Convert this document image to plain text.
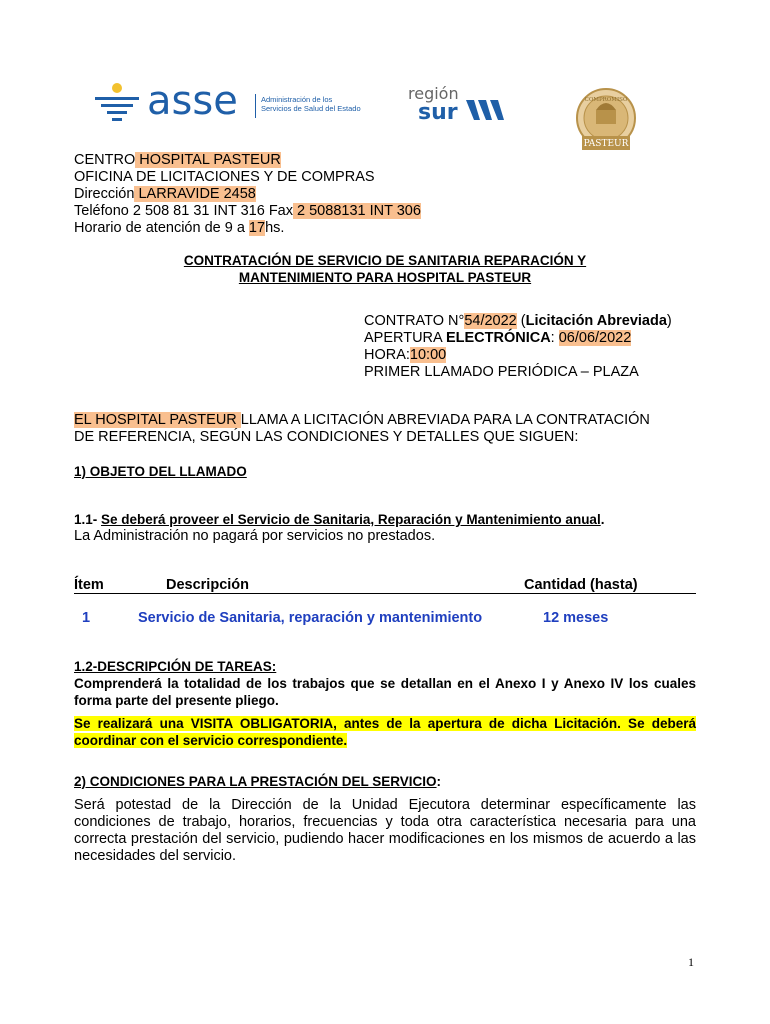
asse	Administración de los
Servicios de Salud del Estado
región
sur
PASTEUR
COMPROMISO
CENTRO HOSPITAL PASTEUR
OFICINA DE LICITACIONES Y DE COMPRAS
Dirección LARRAVIDE 2458
Teléfono 2 508 81 31 INT 316 Fax 2 5088131 INT 306
Horario de atención de 9 a 17hs.
CONTRATACIÓN DE SERVICIO DE SANITARIA REPARACIÓN Y
MANTENIMIENTO PARA HOSPITAL PASTEUR
CONTRATO N°54/2022 (Licitación Abreviada)
APERTURA ELECTRÓNICA: 06/06/2022
HORA:10:00
PRIMER LLAMADO PERIÓDICA – PLAZA
EL HOSPITAL PASTEUR LLAMA A LICITACIÓN ABREVIADA PARA LA CONTRATACIÓN
DE REFERENCIA, SEGÚN LAS CONDICIONES Y DETALLES QUE SIGUEN:
1) OBJETO DEL LLAMADO
1.1- Se deberá proveer el Servicio de Sanitaria, Reparación y Mantenimiento anual.
La Administración no pagará por servicios no prestados.
Ítem	Descripción	Cantidad (hasta)
1	Servicio de Sanitaria, reparación y mantenimiento	12 meses
1.2-DESCRIPCIÓN DE TAREAS:
Comprenderá la totalidad de los trabajos que se detallan en el Anexo I y Anexo IV los cuales forma parte del presente pliego.
Se realizará una VISITA OBLIGATORIA, antes de la apertura de dicha Licitación. Se deberá coordinar con el servicio correspondiente.
2) CONDICIONES PARA LA PRESTACIÓN DEL SERVICIO:
Será potestad de la Dirección de la Unidad Ejecutora determinar específicamente las condiciones de trabajo, horarios, frecuencias y toda otra característica necesaria para una correcta prestación del servicio, pudiendo hacer modificaciones en los mismos de acuerdo a las necesidades del servicio.
1
